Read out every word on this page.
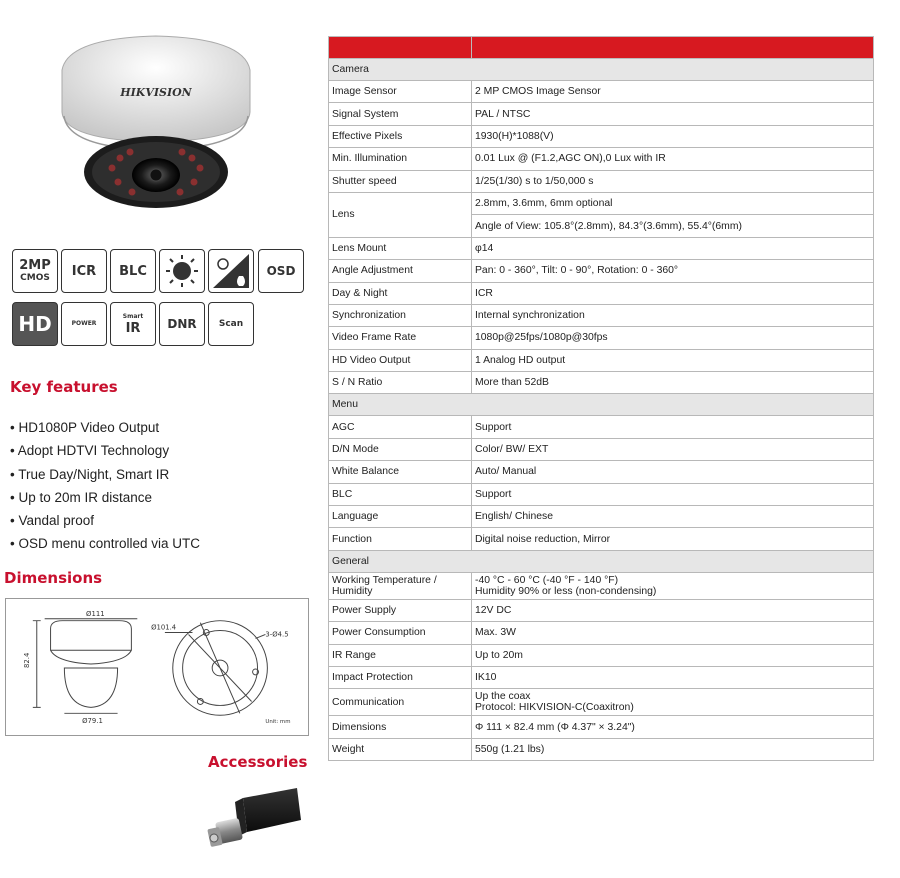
HIKVISION
2MP
CMOS ICR BLC	OSD
HD	POWER
Smart
IR DNR Scan
Key features
• HD1080P Video Output
• Adopt HDTVI Technology
• True Day/Night, Smart IR
• Up to 20m IR distance
• Vandal proof
• OSD menu controlled via UTC
Dimensions
Ø111
82.4
Ø79.1
Ø101.4
3-Ø4.5
Unit: mm
Accessories

Camera	
Image Sensor	2 MP CMOS Image Sensor
Signal System	PAL / NTSC
Effective Pixels	1930(H)*1088(V)
Min. Illumination	0.01 Lux @ (F1.2,AGC ON),0 Lux with IR
Shutter speed	1/25(1/30) s to 1/50,000 s
Lens	2.8mm, 3.6mm, 6mm optional
	Angle of View: 105.8°(2.8mm), 84.3°(3.6mm), 55.4°(6mm)
Lens Mount	φ14
Angle Adjustment	Pan: 0 - 360°, Tilt: 0 - 90°, Rotation: 0 - 360°
Day & Night	ICR
Synchronization	Internal synchronization
Video Frame Rate	1080p@25fps/1080p@30fps
HD Video Output	1 Analog HD output
S / N Ratio	More than 52dB
Menu	
AGC	Support
D/N Mode	Color/ BW/ EXT
White Balance	Auto/ Manual
BLC	Support
Language	English/ Chinese
Function	Digital noise reduction, Mirror
General	
Working Temperature / Humidity	-40 °C - 60 °C (-40 °F - 140 °F)
Humidity 90% or less (non-condensing)

Power Supply	12V DC
Power Consumption	Max. 3W
IR Range	Up to 20m
Impact Protection	IK10
Communication	Up the coax
Protocol: HIKVISION-C(Coaxitron)

Dimensions	Φ 111 × 82.4 mm (Φ 4.37" × 3.24")
Weight	550g (1.21 lbs)
